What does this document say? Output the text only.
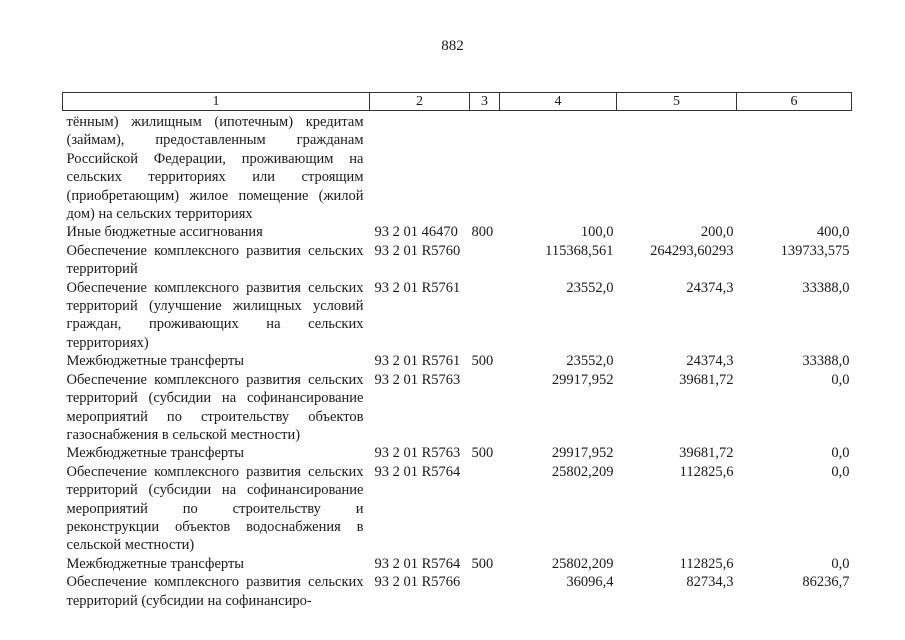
882
1	2	3	4	5	6
тённым) жилищным (ипотечным) кредитам (займам), предоставленным гражданам Российской Федерации, проживающим на сельских территориях или строящим (приобретающим) жилое помещение (жилой дом) на сельских территориях					
Иные бюджетные ассигнования	93 2 01 46470	800	100,0	200,0	400,0
Обеспечение комплексного развития сельских территорий	93 2 01 R5760		115368,561	264293,60293	139733,575
Обеспечение комплексного развития сельских территорий (улучшение жилищных условий граждан, проживающих на сельских территориях)	93 2 01 R5761		23552,0	24374,3	33388,0
Межбюджетные трансферты	93 2 01 R5761	500	23552,0	24374,3	33388,0
Обеспечение комплексного развития сельских территорий (субсидии на софинансирование мероприятий по строительству объектов газоснабжения в сельской местности)	93 2 01 R5763		29917,952	39681,72	0,0
Межбюджетные трансферты	93 2 01 R5763	500	29917,952	39681,72	0,0
Обеспечение комплексного развития сельских территорий (субсидии на софинансирование мероприятий по строительству и реконструкции объектов водоснабжения в сельской местности)	93 2 01 R5764		25802,209	112825,6	0,0
Межбюджетные трансферты	93 2 01 R5764	500	25802,209	112825,6	0,0
Обеспечение комплексного развития сельских территорий (субсидии на софинансиро-	93 2 01 R5766		36096,4	82734,3	86236,7
